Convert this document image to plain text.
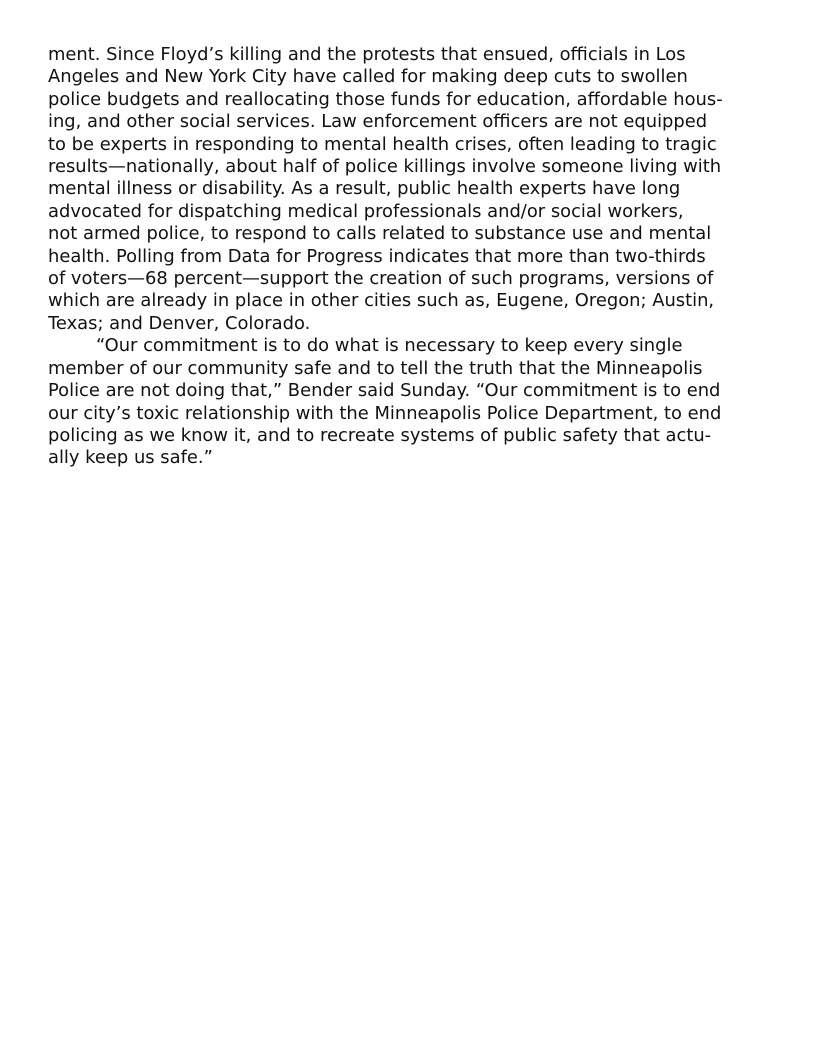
ment. Since Floyd’s killing and the protests that ensued, officials in Los
Angeles and New York City have called for making deep cuts to swollen
police budgets and reallocating those funds for education, affordable hous-
ing, and other social services. Law enforcement officers are not equipped
to be experts in responding to mental health crises, often leading to tragic
results—nationally, about half of police killings involve someone living with
mental illness or disability. As a result, public health experts have long
advocated for dispatching medical professionals and/or social workers,
not armed police, to respond to calls related to substance use and mental
health. Polling from Data for Progress indicates that more than two-thirds
of voters—68 percent—support the creation of such programs, versions of
which are already in place in other cities such as, Eugene, Oregon; Austin,
Texas; and Denver, Colorado.
“Our commitment is to do what is necessary to keep every single
member of our community safe and to tell the truth that the Minneapolis
Police are not doing that,” Bender said Sunday. “Our commitment is to end
our city’s toxic relationship with the Minneapolis Police Department, to end
policing as we know it, and to recreate systems of public safety that actu-
ally keep us safe.”
